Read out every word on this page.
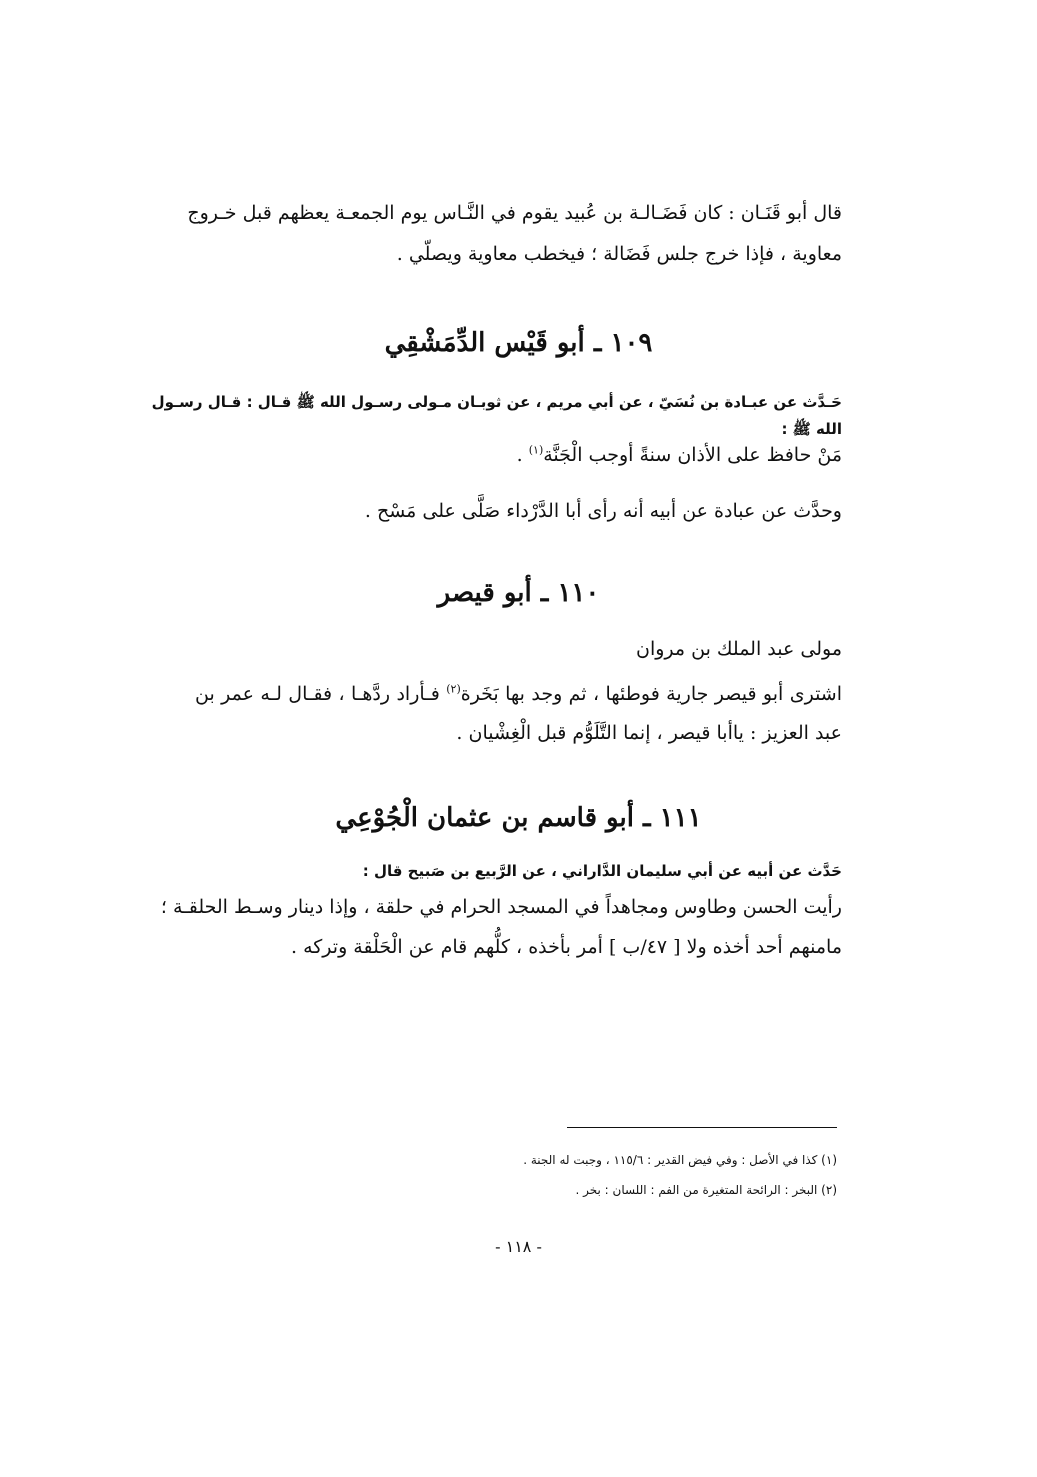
قال أبو قَنَـان : كان فَضَـالـة بن عُبيد يقوم في النَّـاس يوم الجمعـة يعظهم قبل خـروج

معاوية ، فإذا خرج جلس فَضَالة ؛ فيخطب معاوية ويصلّي .

١٠٩ ـ أبو قَيْس الدِّمَشْقِي

حَـدَّث عن عبـادة بن نُسَيّ ، عن أبي مريم ، عن ثوبـان مـولى رسـول الله ﷺ قـال : قـال رسـول

الله ﷺ :

مَنْ حافظ على الأذان سنةً أوجب الْجَنَّة$^{(١)}$ .

وحدَّث عن عبادة عن أبيه أنه رأى أبا الدَّرْداء صَلَّى على مَسْح .

١١٠ ـ أبو قيصر

مولى عبد الملك بن مروان

اشترى أبو قيصر جارية فوطئها ، ثم وجد بها بَخَرة$^{(٢)}$ فـأراد ردَّهـا ، فقـال لـه عمر بن

عبد العزيز : ياأبا قيصر ، إنما التَّلَوُّم قبل الْغِشْيان .

١١١ ـ أبو قاسم بن عثمان الْجُوْعِي

حَدَّث عن أبيه عن أبي سليمان الدَّاراني ، عن الرَّبيع بن صَبيح قال :

رأيت الحسن وطاوس ومجاهداً في المسجد الحرام في حلقة ، وإذا دينار وسـط الحلقـة ؛

مامنهم أحد أخذه ولا [ ٤٧/ب ] أمر بأخذه ، كلُّهم قام عن الْحَلْقة وتركه .

(١) كذا في الأصل : وفي فيض القدير : ١١٥/٦ ، وجبت له الجنة .

(٢) البخر : الرائحة المتغيرة من الفم : اللسان : بخر .

- ١١٨ -
